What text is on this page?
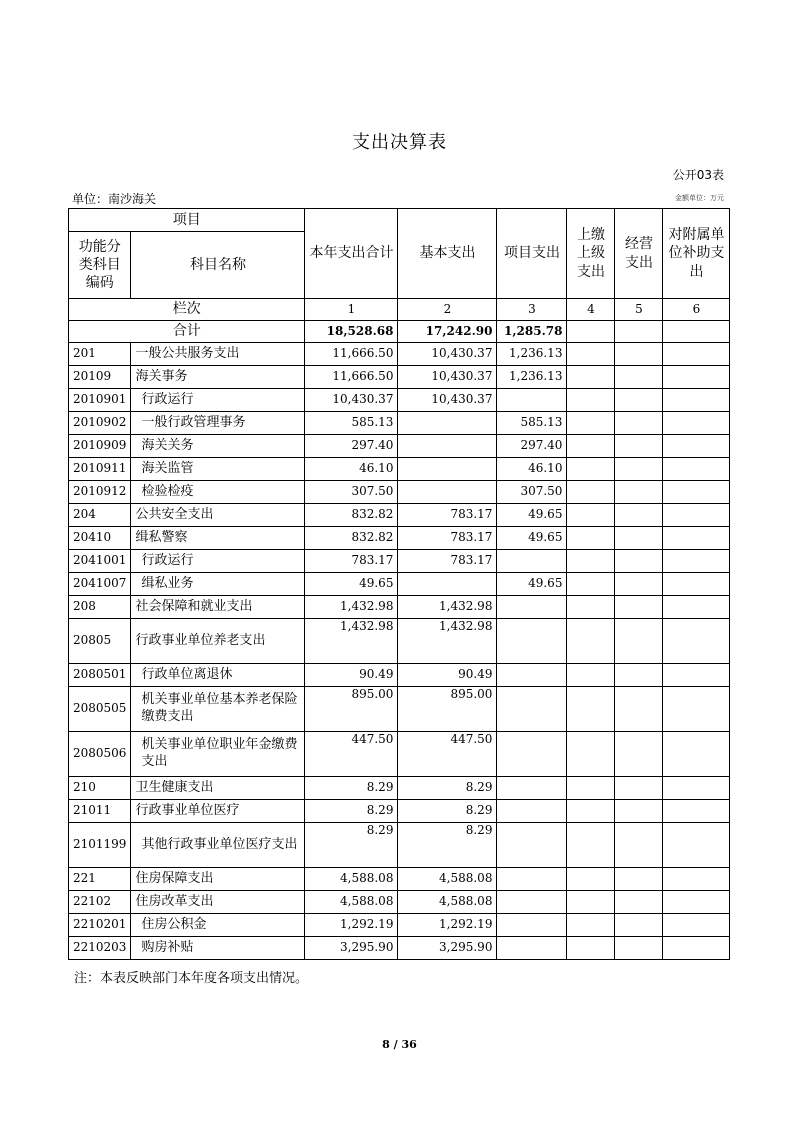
支出决算表
公开03表
单位：南沙海关	金额单位：万元
项目		本年支出合计	基本支出	项目支出	上缴上级支出	经营支出	对附属单位补助支出
功能分类科目编码	科目名称						
栏次		1	2	3	4	5	6
合计		18,528.68	17,242.90	1,285.78			
201	一般公共服务支出	11,666.50	10,430.37	1,236.13			
20109	海关事务	11,666.50	10,430.37	1,236.13			
2010901	行政运行	10,430.37	10,430.37				
2010902	一般行政管理事务	585.13		585.13			
2010909	海关关务	297.40		297.40			
2010911	海关监管	46.10		46.10			
2010912	检验检疫	307.50		307.50			
204	公共安全支出	832.82	783.17	49.65			
20410	缉私警察	832.82	783.17	49.65			
2041001	行政运行	783.17	783.17				
2041007	缉私业务	49.65		49.65			
208	社会保障和就业支出	1,432.98	1,432.98				
20805	行政事业单位养老支出	1,432.98	1,432.98				
2080501	行政单位离退休	90.49	90.49				
2080505	机关事业单位基本养老保险缴费支出	895.00	895.00				
2080506	机关事业单位职业年金缴费支出	447.50	447.50				
210	卫生健康支出	8.29	8.29				
21011	行政事业单位医疗	8.29	8.29				
2101199	其他行政事业单位医疗支出	8.29	8.29				
221	住房保障支出	4,588.08	4,588.08				
22102	住房改革支出	4,588.08	4,588.08				
2210201	住房公积金	1,292.19	1,292.19				
2210203	购房补贴	3,295.90	3,295.90				
注：本表反映部门本年度各项支出情况。
8 / 36
